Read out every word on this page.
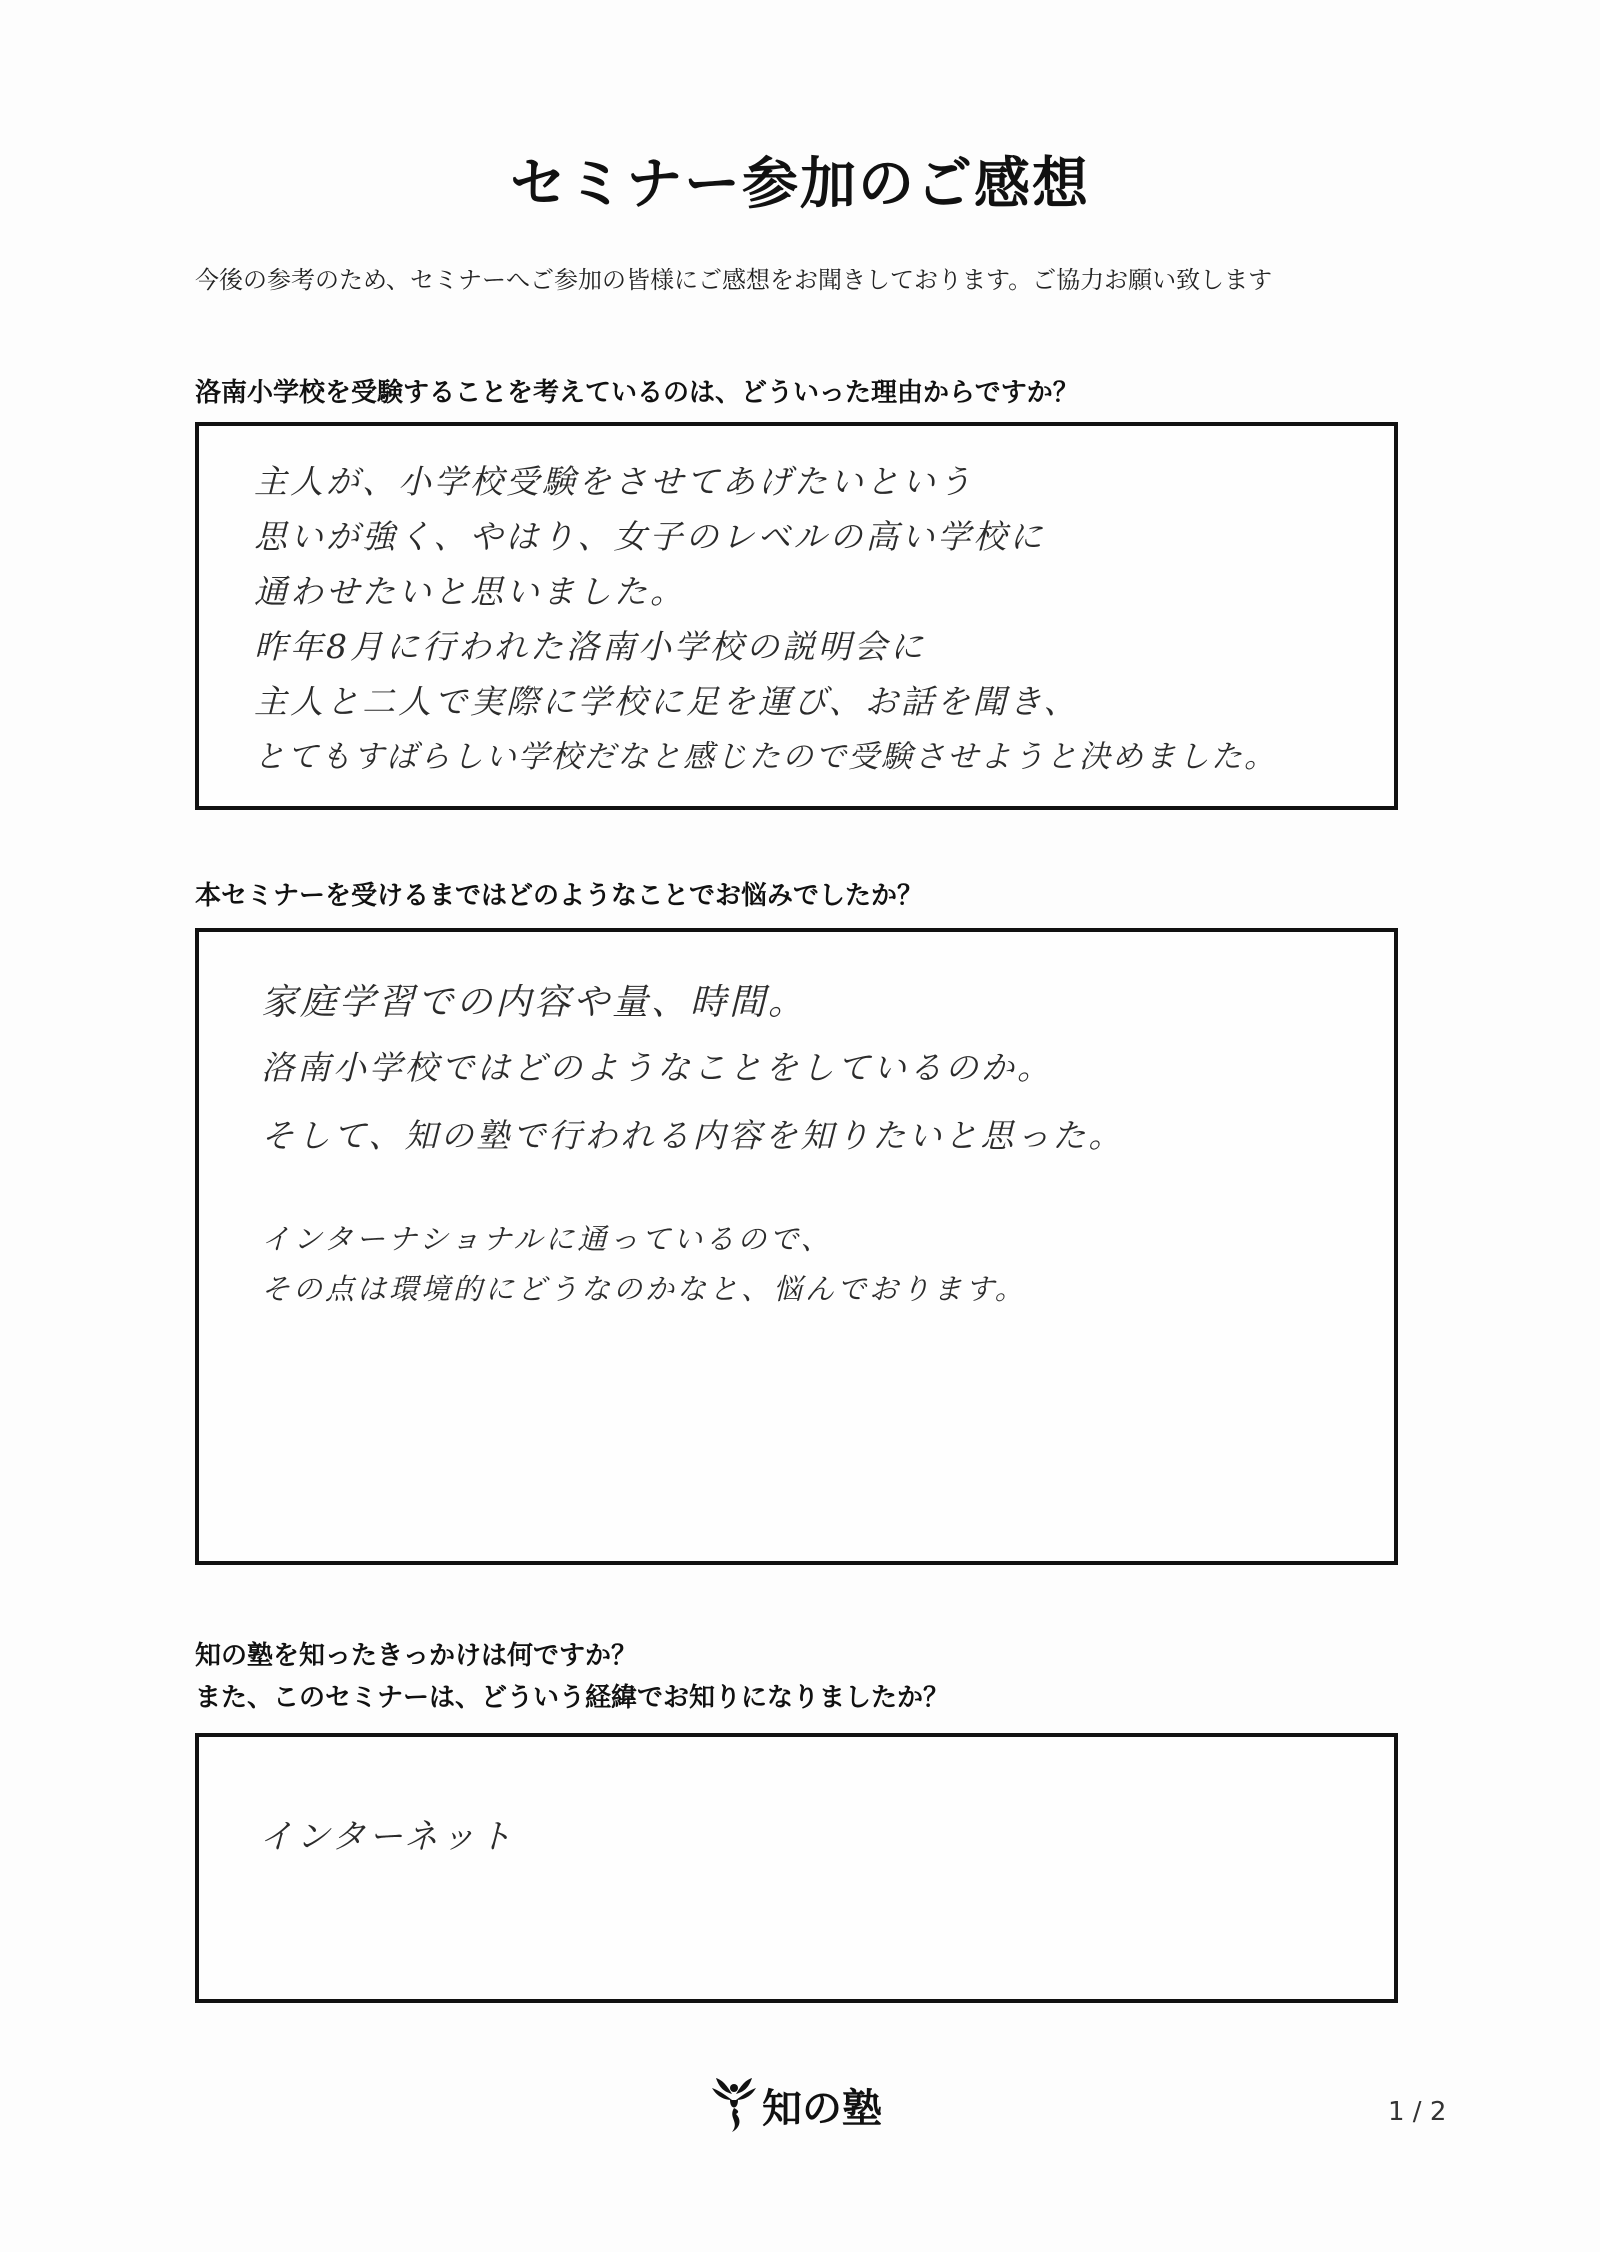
セミナー参加のご感想
今後の参考のため、セミナーへご参加の皆様にご感想をお聞きしております。ご協力お願い致します
洛南小学校を受験することを考えているのは、どういった理由からですか？
主人が、小学校受験をさせてあげたいという
思いが強く、やはり、女子のレベルの高い学校に
通わせたいと思いました。
昨年8月に行われた洛南小学校の説明会に
主人と二人で実際に学校に足を運び、お話を聞き、
とてもすばらしい学校だなと感じたので受験させようと決めました。
本セミナーを受けるまではどのようなことでお悩みでしたか？
家庭学習での内容や量、時間。
洛南小学校ではどのようなことをしているのか。
そして、知の塾で行われる内容を知りたいと思った。
インターナショナルに通っているので、
その点は環境的にどうなのかなと、悩んでおります。
知の塾を知ったきっかけは何ですか？
また、このセミナーは、どういう経緯でお知りになりましたか？
インターネット
知の塾	1 / 2
